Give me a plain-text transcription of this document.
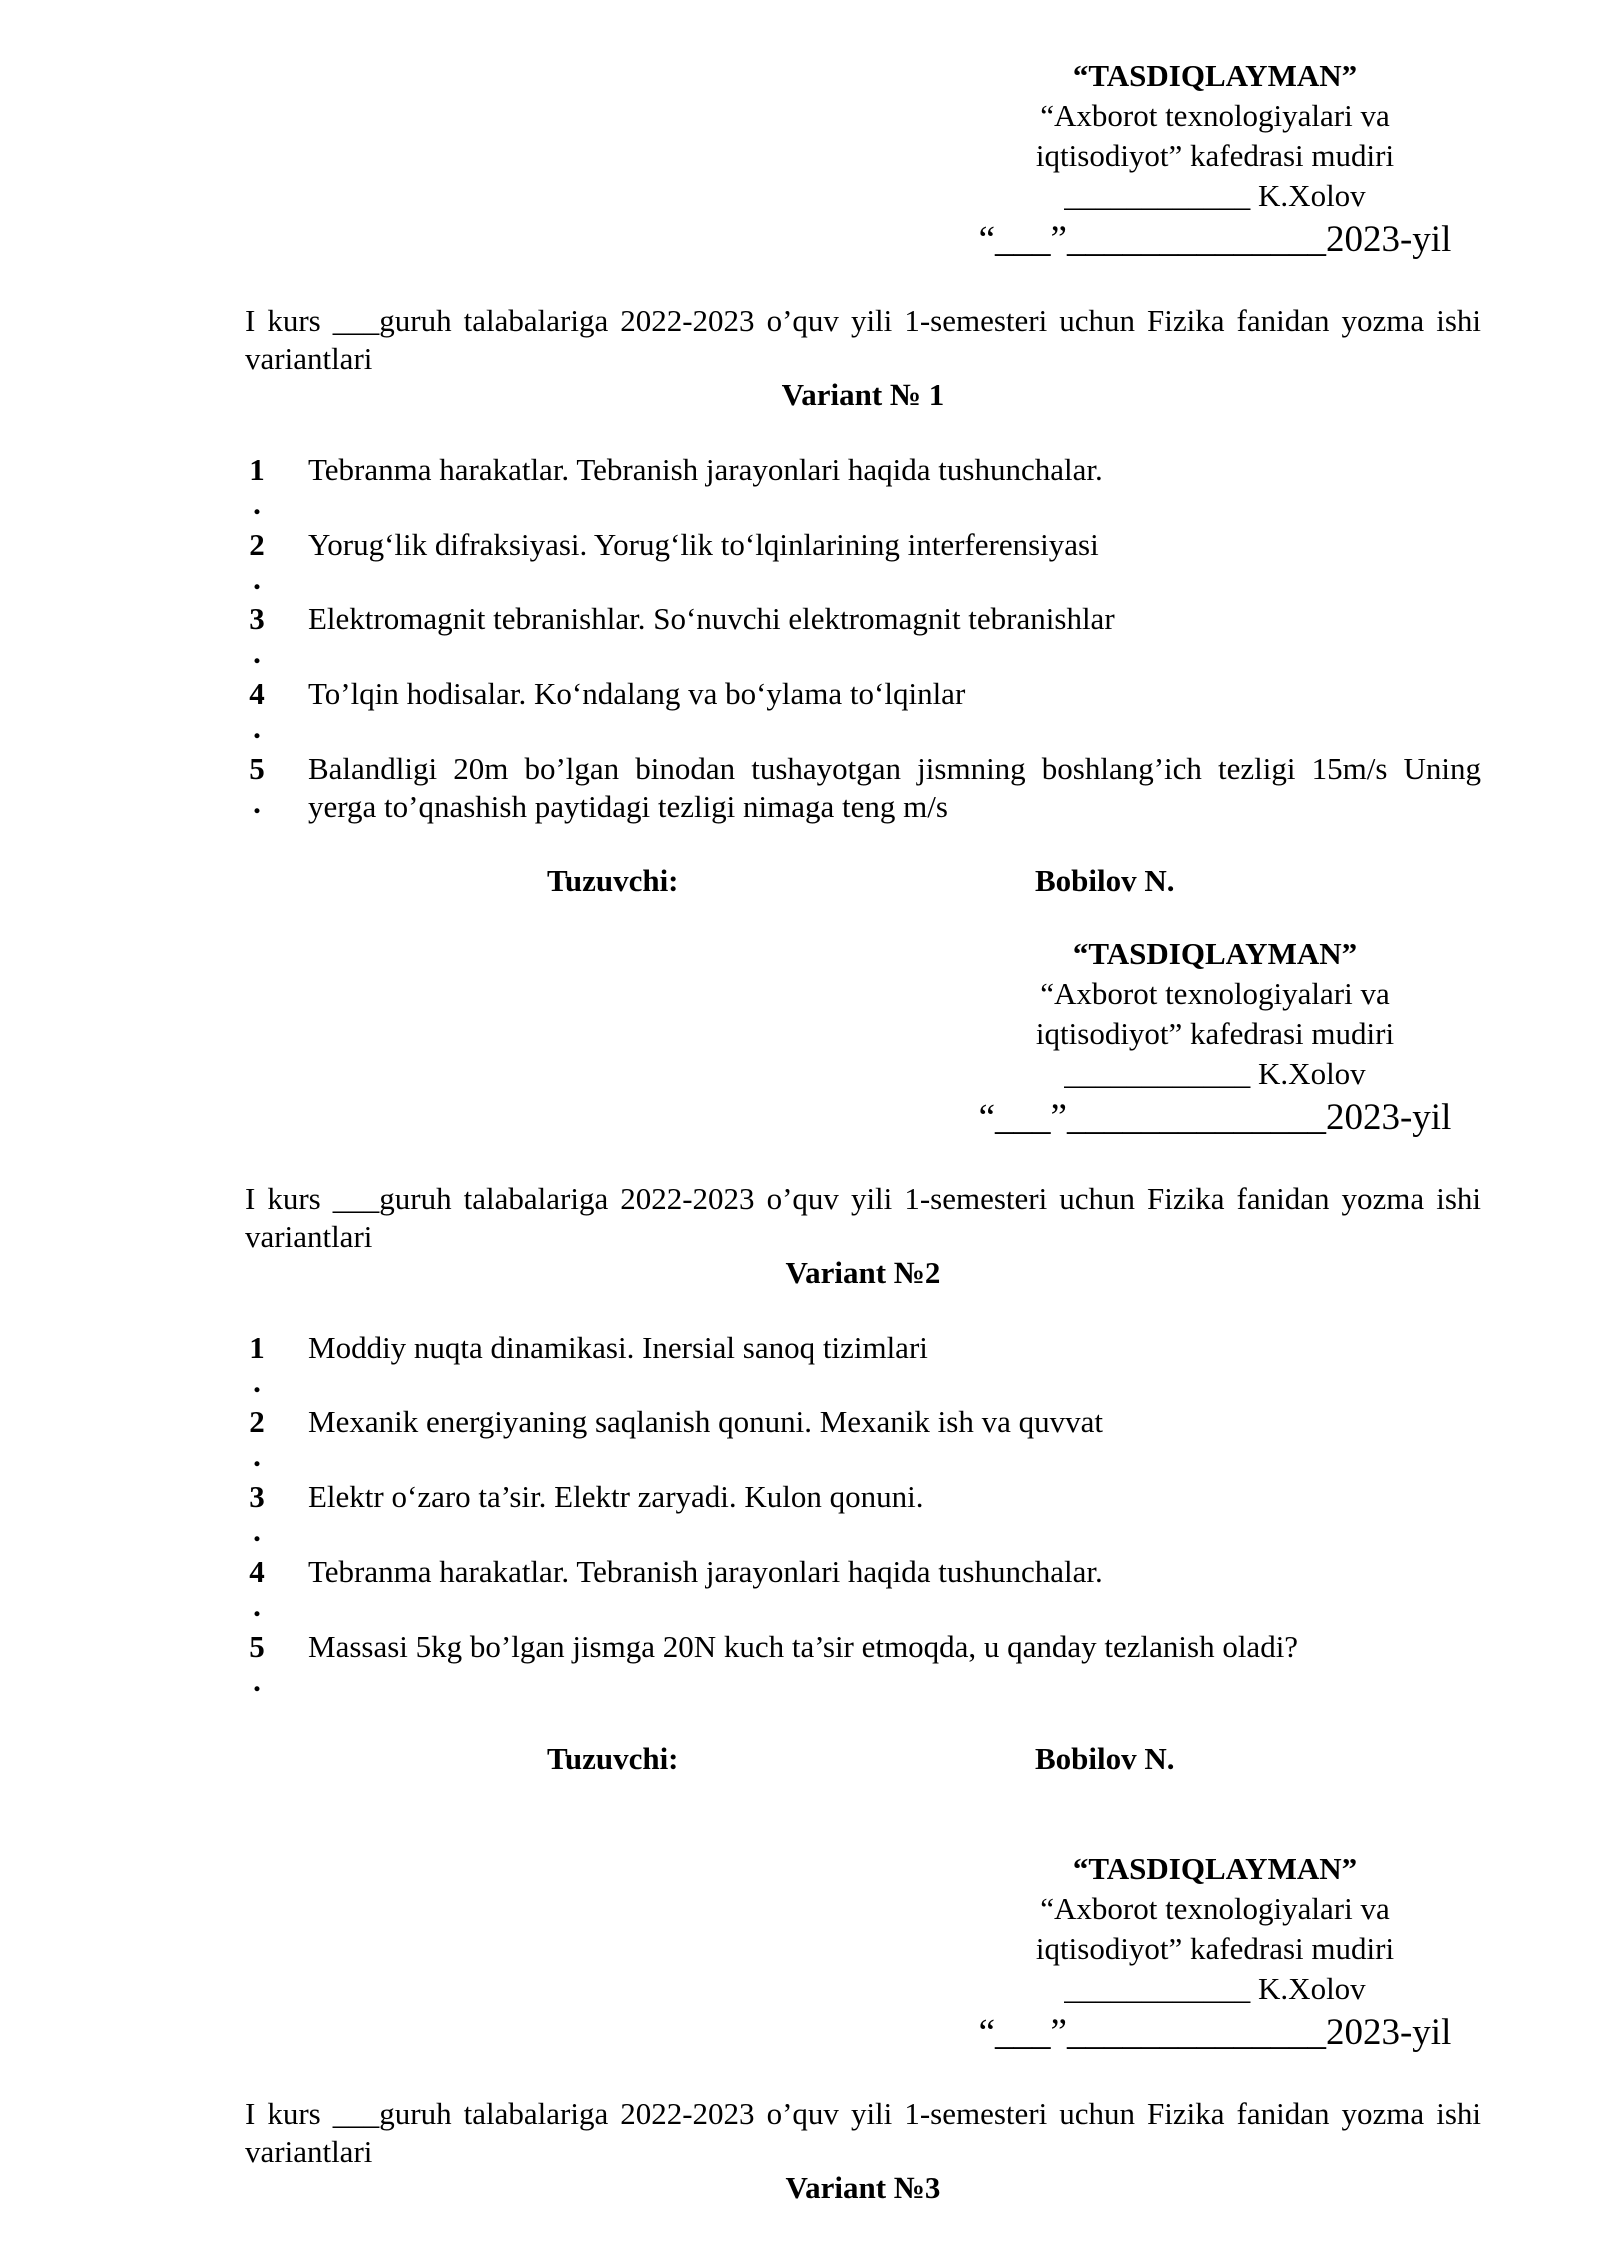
“TASDIQLAYMAN”
“Axborot texnologiyalari va
iqtisodiyot” kafedrasi mudiri
____________ K.Xolov
“___”______________2023-yil
I kurs ___guruh talabalariga 2022-2023 o’quv yili 1-semesteri uchun Fizika fanidan yozma ishi variantlari
Variant № 1
1
.
Tebranma harakatlar. Tebranish jarayonlari haqida tushunchalar.
2
.
Yorug‘lik difraksiyasi. Yorug‘lik to‘lqinlarining interferensiyasi
3
.
Elektromagnit tebranishlar. So‘nuvchi elektromagnit tebranishlar
4
.
To’lqin hodisalar. Ko‘ndalang va bo‘ylama to‘lqinlar
5
.
Balandligi 20m bo’lgan binodan tushayotgan jismning boshlang’ich tezligi 15m/s Uning yerga to’qnashish paytidagi tezligi nimaga teng m/s
Tuzuvchi:	Bobilov N.
“TASDIQLAYMAN”
“Axborot texnologiyalari va
iqtisodiyot” kafedrasi mudiri
____________ K.Xolov
“___”______________2023-yil
I kurs ___guruh talabalariga 2022-2023 o’quv yili 1-semesteri uchun Fizika fanidan yozma ishi variantlari
Variant №2
1
.
Moddiy nuqta dinamikasi. Inersial sanoq tizimlari
2
.
Mexanik energiyaning saqlanish qonuni. Mexanik ish va quvvat
3
.
Elektr o‘zaro ta’sir. Elektr zaryadi. Kulon qonuni.
4
.
Tebranma harakatlar. Tebranish jarayonlari haqida tushunchalar.
5
.
Massasi 5kg bo’lgan jismga 20N kuch ta’sir etmoqda, u qanday tezlanish oladi?
Tuzuvchi:	Bobilov N.
“TASDIQLAYMAN”
“Axborot texnologiyalari va
iqtisodiyot” kafedrasi mudiri
____________ K.Xolov
“___”______________2023-yil
I kurs ___guruh talabalariga 2022-2023 o’quv yili 1-semesteri uchun Fizika fanidan yozma ishi variantlari
Variant №3
